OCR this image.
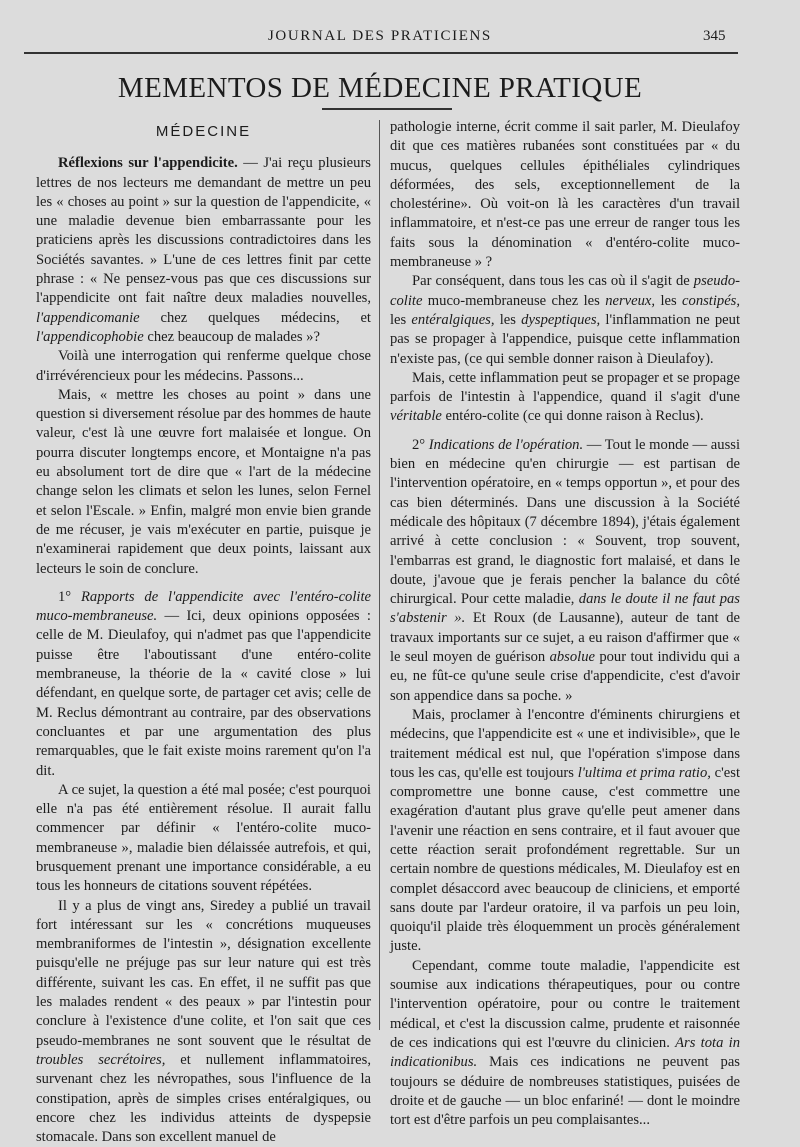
JOURNAL DES PRATICIENS	345
MEMENTOS DE MÉDECINE PRATIQUE
MÉDECINE

Réflexions sur l'appendicite. — J'ai reçu plusieurs lettres de nos lecteurs me demandant de mettre un peu les « choses au point » sur la question de l'appendicite, « une maladie devenue bien embarrassante pour les praticiens après les discussions contradictoires dans les Sociétés savantes. » L'une de ces lettres finit par cette phrase : « Ne pensez-vous pas que ces discussions sur l'appendicite ont fait naître deux maladies nouvelles, l'appendicomanie chez quelques médecins, et l'appendicophobie chez beaucoup de malades »?

Voilà une interrogation qui renferme quelque chose d'irrévérencieux pour les médecins. Passons...

Mais, « mettre les choses au point » dans une question si diversement résolue par des hommes de haute valeur, c'est là une œuvre fort malaisée et longue. On pourra discuter longtemps encore, et Montaigne n'a pas eu absolument tort de dire que « l'art de la médecine change selon les climats et selon les lunes, selon Fernel et selon l'Escale. » Enfin, malgré mon envie bien grande de me récuser, je vais m'exécuter en partie, puisque je n'examinerai rapidement que deux points, laissant aux lecteurs le soin de conclure.

1° Rapports de l'appendicite avec l'entéro-colite muco-membraneuse. — Ici, deux opinions opposées : celle de M. Dieulafoy, qui n'admet pas que l'appendicite puisse être l'aboutissant d'une entéro-colite membraneuse, la théorie de la « cavité close » lui défendant, en quelque sorte, de partager cet avis; celle de M. Reclus démontrant au contraire, par des observations concluantes et par une argumentation des plus remarquables, que le fait existe moins rarement qu'on l'a dit.

A ce sujet, la question a été mal posée; c'est pourquoi elle n'a pas été entièrement résolue. Il aurait fallu commencer par définir « l'entéro-colite muco-membraneuse », maladie bien délaissée autrefois, et qui, brusquement prenant une importance considérable, a eu tous les honneurs de citations souvent répétées.

Il y a plus de vingt ans, Siredey a publié un travail fort intéressant sur les « concrétions muqueuses membraniformes de l'intestin », désignation excellente puisqu'elle ne préjuge pas sur leur nature qui est très différente, suivant les cas. En effet, il ne suffit pas que les malades rendent « des peaux » par l'intestin pour conclure à l'existence d'une colite, et l'on sait que ces pseudo-membranes ne sont souvent que le résultat de troubles secrétoires, et nullement inflammatoires, survenant chez les névropathes, sous l'influence de la constipation, après de simples crises entéralgiques, ou encore chez les individus atteints de dyspepsie stomacale. Dans son excellent manuel de

pathologie interne, écrit comme il sait parler, M. Dieulafoy dit que ces matières rubanées sont constituées par « du mucus, quelques cellules épithéliales cylindriques déformées, des sels, exceptionnellement de la cholestérine». Où voit-on là les caractères d'un travail inflammatoire, et n'est-ce pas une erreur de ranger tous les faits sous la dénomination « d'entéro-colite muco-membraneuse » ?

Par conséquent, dans tous les cas où il s'agit de pseudo-colite muco-membraneuse chez les nerveux, les constipés, les entéralgiques, les dyspeptiques, l'inflammation ne peut pas se propager à l'appendice, puisque cette inflammation n'existe pas, (ce qui semble donner raison à Dieulafoy).

Mais, cette inflammation peut se propager et se propage parfois de l'intestin à l'appendice, quand il s'agit d'une véritable entéro-colite (ce qui donne raison à Reclus).

2° Indications de l'opération. — Tout le monde — aussi bien en médecine qu'en chirurgie — est partisan de l'intervention opératoire, en « temps opportun », et pour des cas bien déterminés. Dans une discussion à la Société médicale des hôpitaux (7 décembre 1894), j'étais également arrivé à cette conclusion : « Souvent, trop souvent, l'embarras est grand, le diagnostic fort malaisé, et dans le doute, j'avoue que je ferais pencher la balance du côté chirurgical. Pour cette maladie, dans le doute il ne faut pas s'abstenir ». Et Roux (de Lausanne), auteur de tant de travaux importants sur ce sujet, a eu raison d'affirmer que « le seul moyen de guérison absolue pour tout individu qui a eu, ne fût-ce qu'une seule crise d'appendicite, c'est d'avoir son appendice dans sa poche. »

Mais, proclamer à l'encontre d'éminents chirurgiens et médecins, que l'appendicite est « une et indivisible», que le traitement médical est nul, que l'opération s'impose dans tous les cas, qu'elle est toujours l'ultima et prima ratio, c'est compromettre une bonne cause, c'est commettre une exagération d'autant plus grave qu'elle peut amener dans l'avenir une réaction en sens contraire, et il faut avouer que cette réaction serait profondément regrettable. Sur un certain nombre de questions médicales, M. Dieulafoy est en complet désaccord avec beaucoup de cliniciens, et emporté sans doute par l'ardeur oratoire, il va parfois un peu loin, quoiqu'il plaide très éloquemment un procès généralement juste.

Cependant, comme toute maladie, l'appendicite est soumise aux indications thérapeutiques, pour ou contre l'intervention opératoire, pour ou contre le traitement médical, et c'est la discussion calme, prudente et raisonnée de ces indications qui est l'œuvre du clinicien. Ars tota in indicationibus. Mais ces indications ne peuvent pas toujours se déduire de nombreuses statistiques, puisées de droite et de gauche — un bloc enfariné! — dont le moindre tort est d'être parfois un peu complaisantes...
